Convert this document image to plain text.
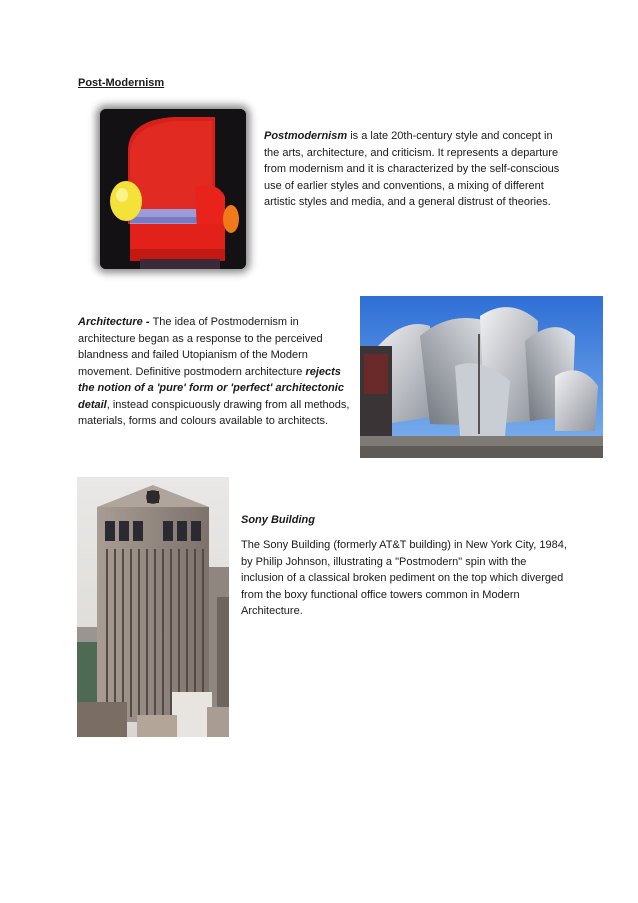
Post-Modernism
Postmodernism is a late 20th-century style and concept in the arts, architecture, and criticism. It represents a departure from modernism and it is characterized by the self-conscious use of earlier styles and conventions, a mixing of different artistic styles and media, and a general distrust of theories.
Architecture - The idea of Postmodernism in architecture began as a response to the perceived blandness and failed Utopianism of the Modern movement. Definitive postmodern architecture rejects the notion of a 'pure' form or 'perfect' architectonic detail, instead conspicuously drawing from all methods, materials, forms and colours available to architects.
Sony Building
The Sony Building (formerly AT&T building) in New York City, 1984, by Philip Johnson, illustrating a "Postmodern" spin with the inclusion of a classical broken pediment on the top which diverged from the boxy functional office towers common in Modern Architecture.
